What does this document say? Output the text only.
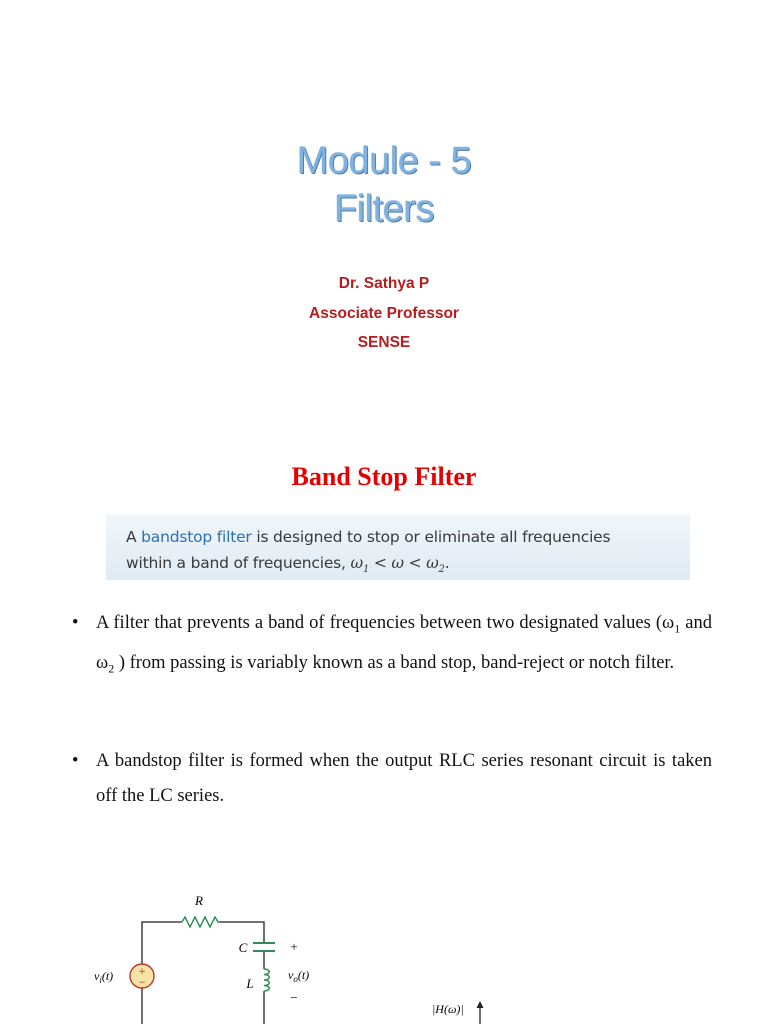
Module - 5
Filters
Dr. Sathya P
Associate Professor
SENSE
Band Stop Filter
A bandstop filter is designed to stop or eliminate all frequencies
within a band of frequencies, $\omega_1 < \omega < \omega_2$.
• A filter that prevents a band of frequencies between two designated values ($\omega_1$ and $\omega_2$ ) from passing is variably known as a band stop, band-reject or notch filter.
• A bandstop filter is formed when the output RLC series resonant circuit is taken off the LC series.
R
C
L
+
−
$v_o(t)$
+
−
$v_i(t)$
|H(ω)|
